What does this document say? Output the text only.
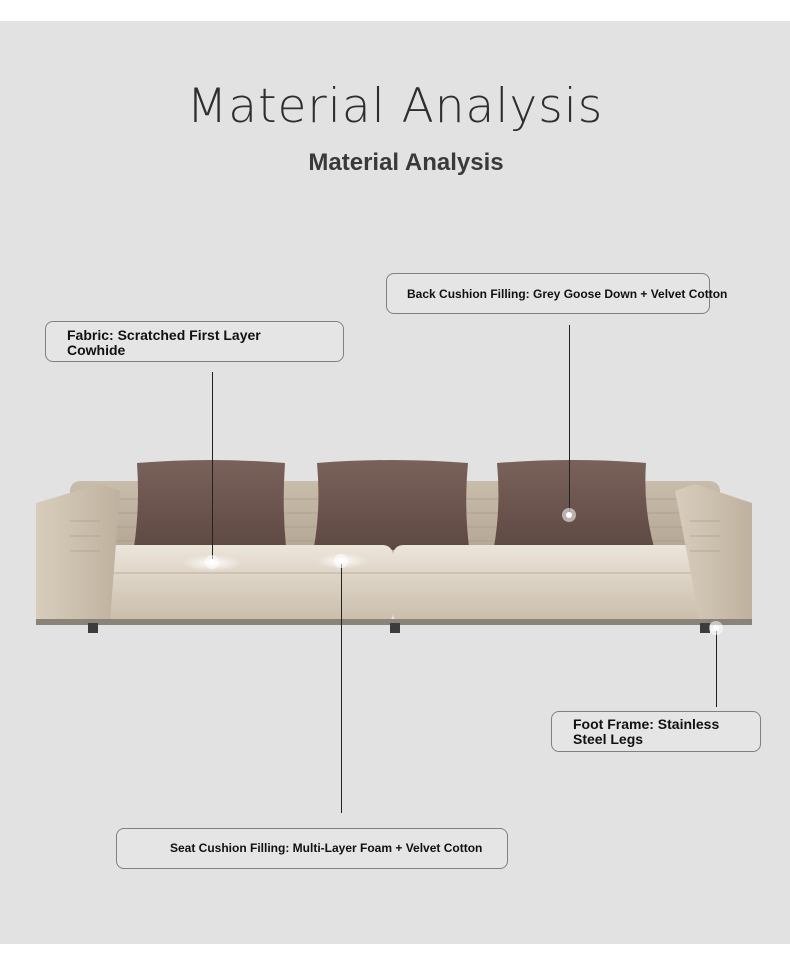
Material Analysis
Material Analysis
Fabric: Scratched First Layer Cowhide
Back Cushion Filling: Grey Goose Down + Velvet Cotton
Foot Frame: Stainless Steel Legs
Seat Cushion Filling: Multi-Layer Foam + Velvet Cotton
